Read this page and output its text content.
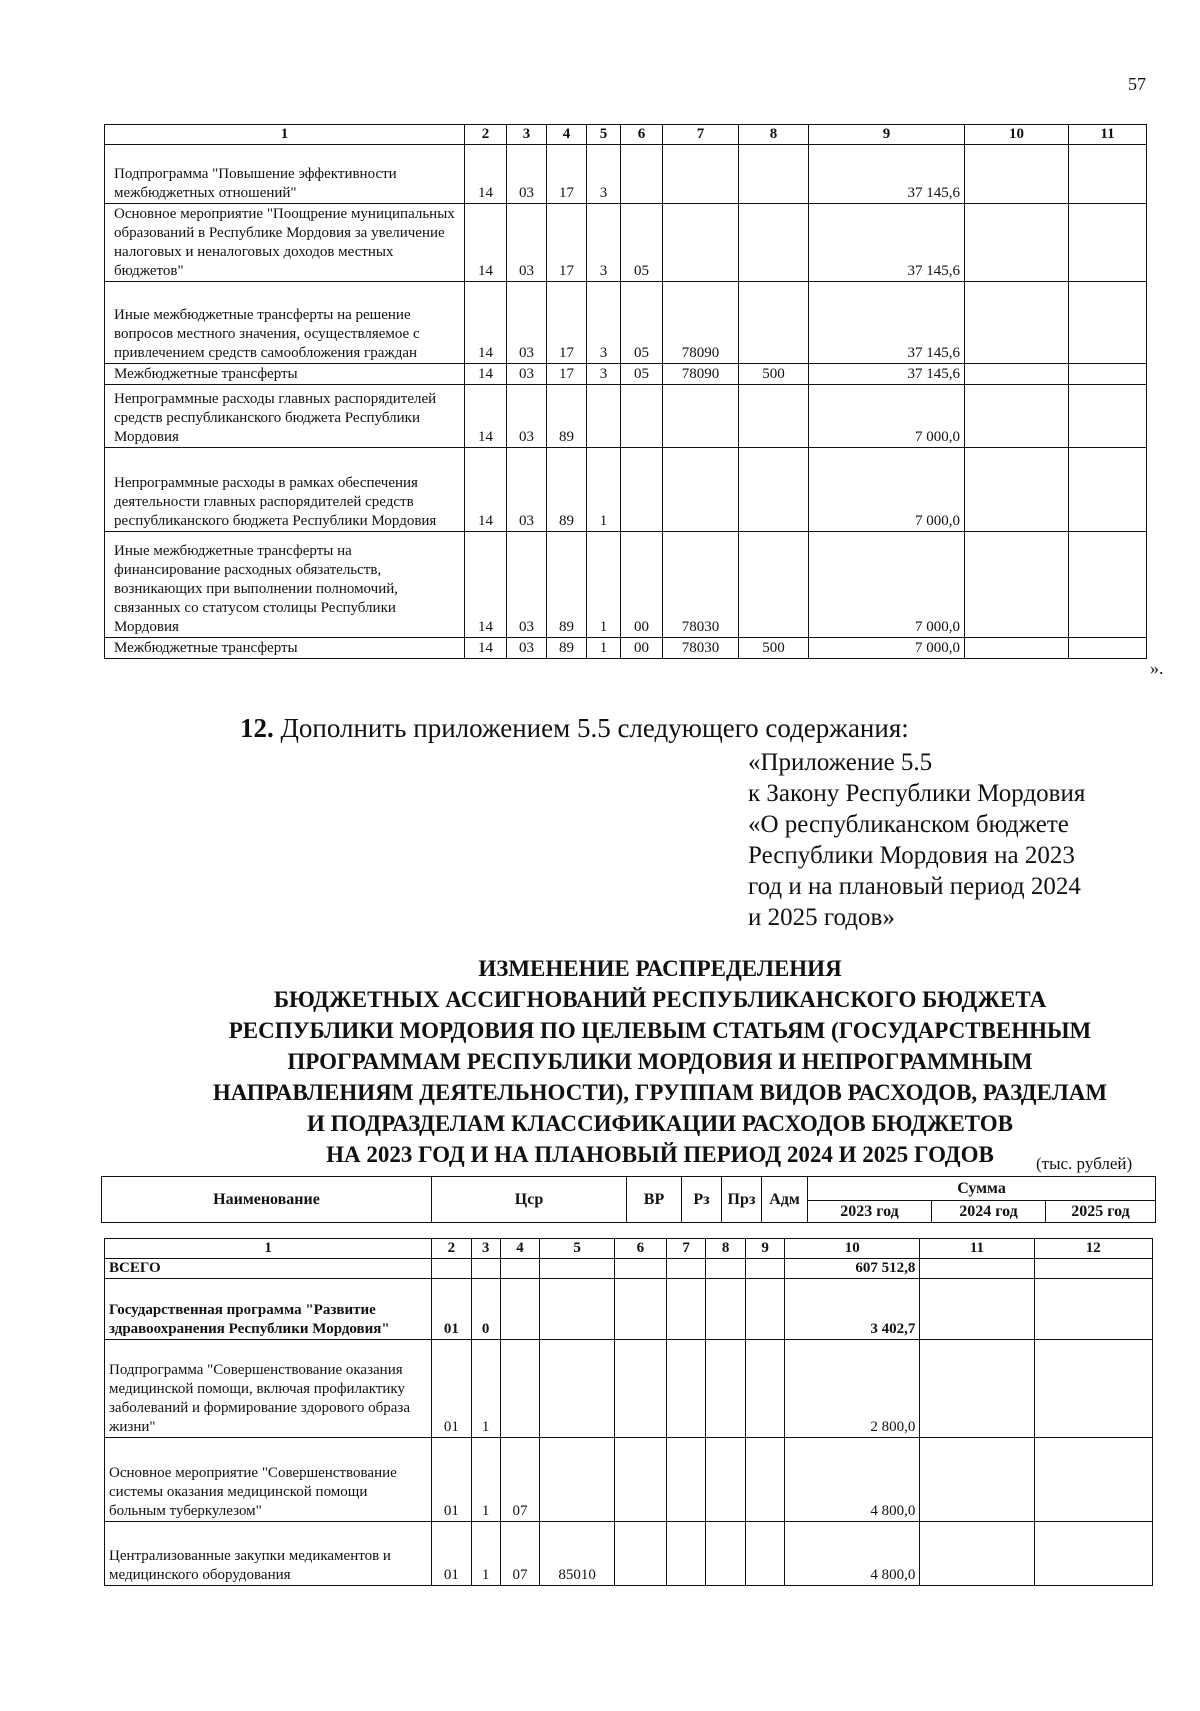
57
1	2	3	4	5	6	7	8	9	10	11
Подпрограмма "Повышение эффективности межбюджетных отношений"	14	03	17	3				37 145,6		
Основное мероприятие "Поощрение муниципальных образований в Республике Мордовия за увеличение налоговых и неналоговых доходов местных бюджетов"	14	03	17	3	05			37 145,6		
Иные межбюджетные трансферты на решение вопросов местного значения, осуществляемое с привлечением средств самообложения граждан	14	03	17	3	05	78090		37 145,6		
Межбюджетные трансферты	14	03	17	3	05	78090	500	37 145,6		
Непрограммные расходы главных распорядителей средств республиканского бюджета Республики Мордовия	14	03	89					7 000,0		
Непрограммные расходы в рамках обеспечения деятельности главных распорядителей средств республиканского бюджета Республики Мордовия	14	03	89	1				7 000,0		
Иные межбюджетные трансферты на финансирование расходных обязательств, возникающих при выполнении полномочий, связанных со статусом столицы Республики Мордовия	14	03	89	1	00	78030		7 000,0		
Межбюджетные трансферты	14	03	89	1	00	78030	500	7 000,0		
».
12. Дополнить приложением 5.5 следующего содержания:
«Приложение 5.5
к Закону Республики Мордовия
«О республиканском бюджете
Республики Мордовия на 2023
год и на плановый период 2024
и 2025 годов»
ИЗМЕНЕНИЕ РАСПРЕДЕЛЕНИЯ
БЮДЖЕТНЫХ АССИГНОВАНИЙ РЕСПУБЛИКАНСКОГО БЮДЖЕТА
РЕСПУБЛИКИ МОРДОВИЯ ПО ЦЕЛЕВЫМ СТАТЬЯМ (ГОСУДАРСТВЕННЫМ
ПРОГРАММАМ РЕСПУБЛИКИ МОРДОВИЯ И НЕПРОГРАММНЫМ
НАПРАВЛЕНИЯМ ДЕЯТЕЛЬНОСТИ), ГРУППАМ ВИДОВ РАСХОДОВ, РАЗДЕЛАМ
И ПОДРАЗДЕЛАМ КЛАССИФИКАЦИИ РАСХОДОВ БЮДЖЕТОВ
НА 2023 ГОД И НА ПЛАНОВЫЙ ПЕРИОД 2024 И 2025 ГОДОВ	(тыс. рублей)
Наименование	Цср	ВР	Рз	Прз	Адм	Сумма		
						2023 год	2024 год	2025 год
1	2	3	4	5	6	7	8	9	10	11	12
ВСЕГО									607 512,8		
Государственная программа "Развитие здравоохранения Республики Мордовия"	01	0							3 402,7		
Подпрограмма "Совершенствование оказания медицинской помощи, включая профилактику заболеваний и формирование здорового образа жизни"	01	1							2 800,0		
Основное мероприятие "Совершенствование системы оказания медицинской помощи больным туберкулезом"	01	1	07						4 800,0		
Централизованные закупки медикаментов и медицинского оборудования	01	1	07	85010					4 800,0		
